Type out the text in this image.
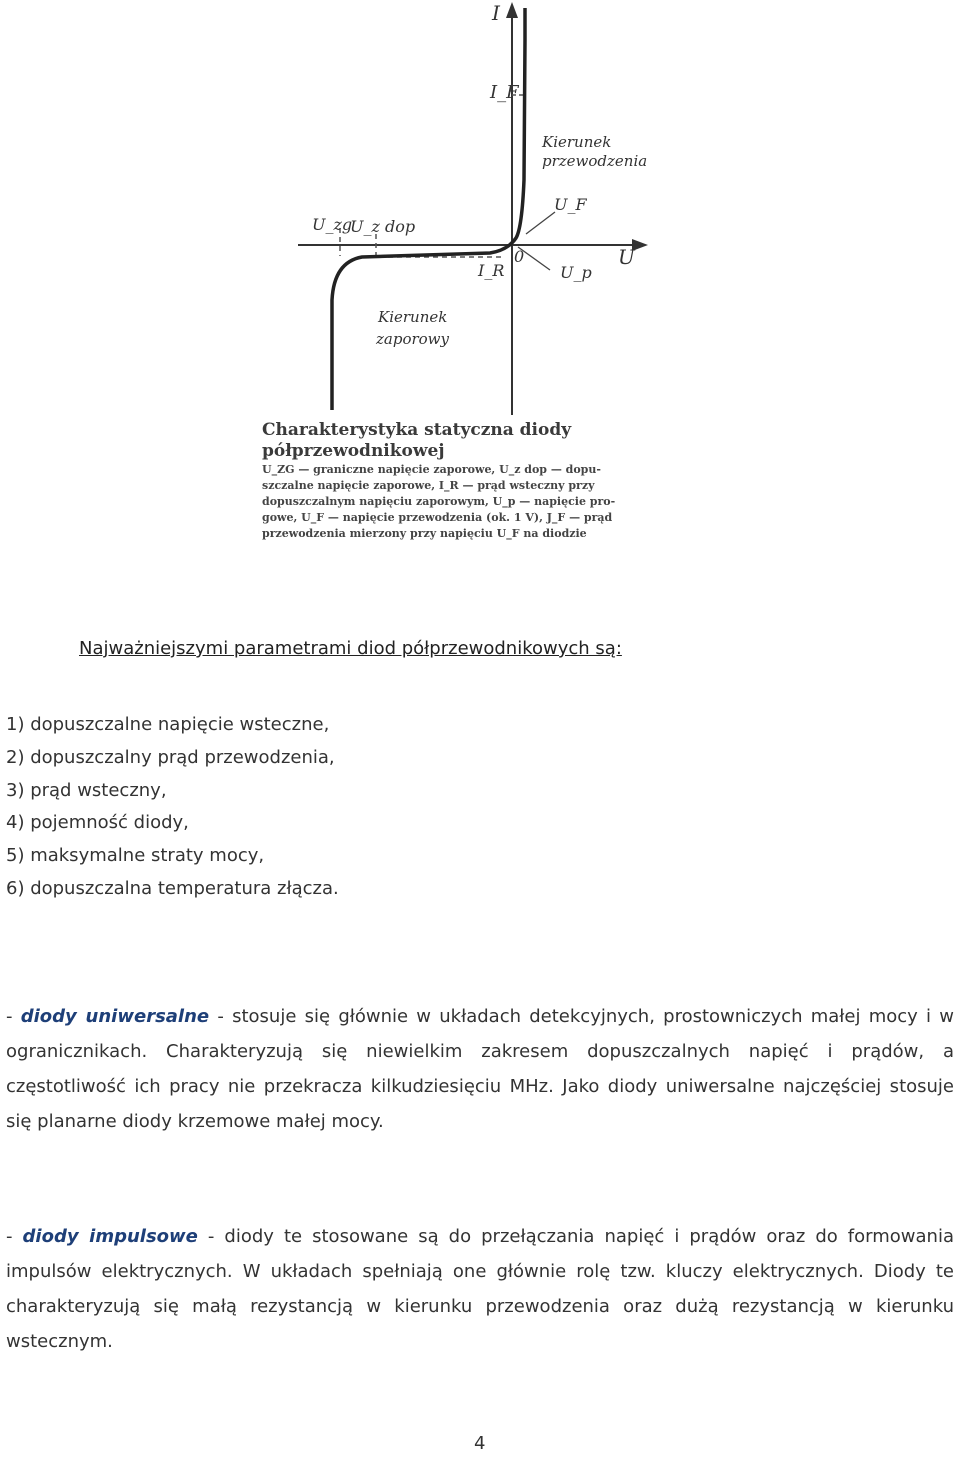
I
U
I_F
Kierunek
przewodzenia
U_F
U_zg
U_z dop
0
I_R	U_p
Kierunek
zaporowy
Charakterystyka statyczna diody
półprzewodnikowej
U_ZG — graniczne napięcie zaporowe, U_z dop — dopu-
szczalne napięcie zaporowe, I_R — prąd wsteczny przy
dopuszczalnym napięciu zaporowym, U_p — napięcie pro-
gowe, U_F — napięcie przewodzenia (ok. 1 V), J_F — prąd
przewodzenia mierzony przy napięciu U_F na diodzie
Najważniejszymi parametrami diod półprzewodnikowych są:
1) dopuszczalne napięcie wsteczne,
2) dopuszczalny prąd przewodzenia,
3) prąd wsteczny,
4) pojemność diody,
5) maksymalne straty mocy,
6) dopuszczalna temperatura złącza.

- diody uniwersalne - stosuje się głównie w układach detekcyjnych, prostowniczych małej mocy i w ogranicznikach. Charakteryzują się niewielkim zakresem dopuszczalnych napięć i prądów, a częstotliwość ich pracy nie przekracza kilkudziesięciu MHz. Jako diody uniwersalne najczęściej stosuje się planarne diody krzemowe małej mocy.

- diody impulsowe - diody te stosowane są do przełączania napięć i prądów oraz do formowania impulsów elektrycznych. W układach spełniają one głównie rolę tzw. kluczy elektrycznych. Diody te charakteryzują się małą rezystancją w kierunku przewodzenia oraz dużą rezystancją w kierunku wstecznym.

4
